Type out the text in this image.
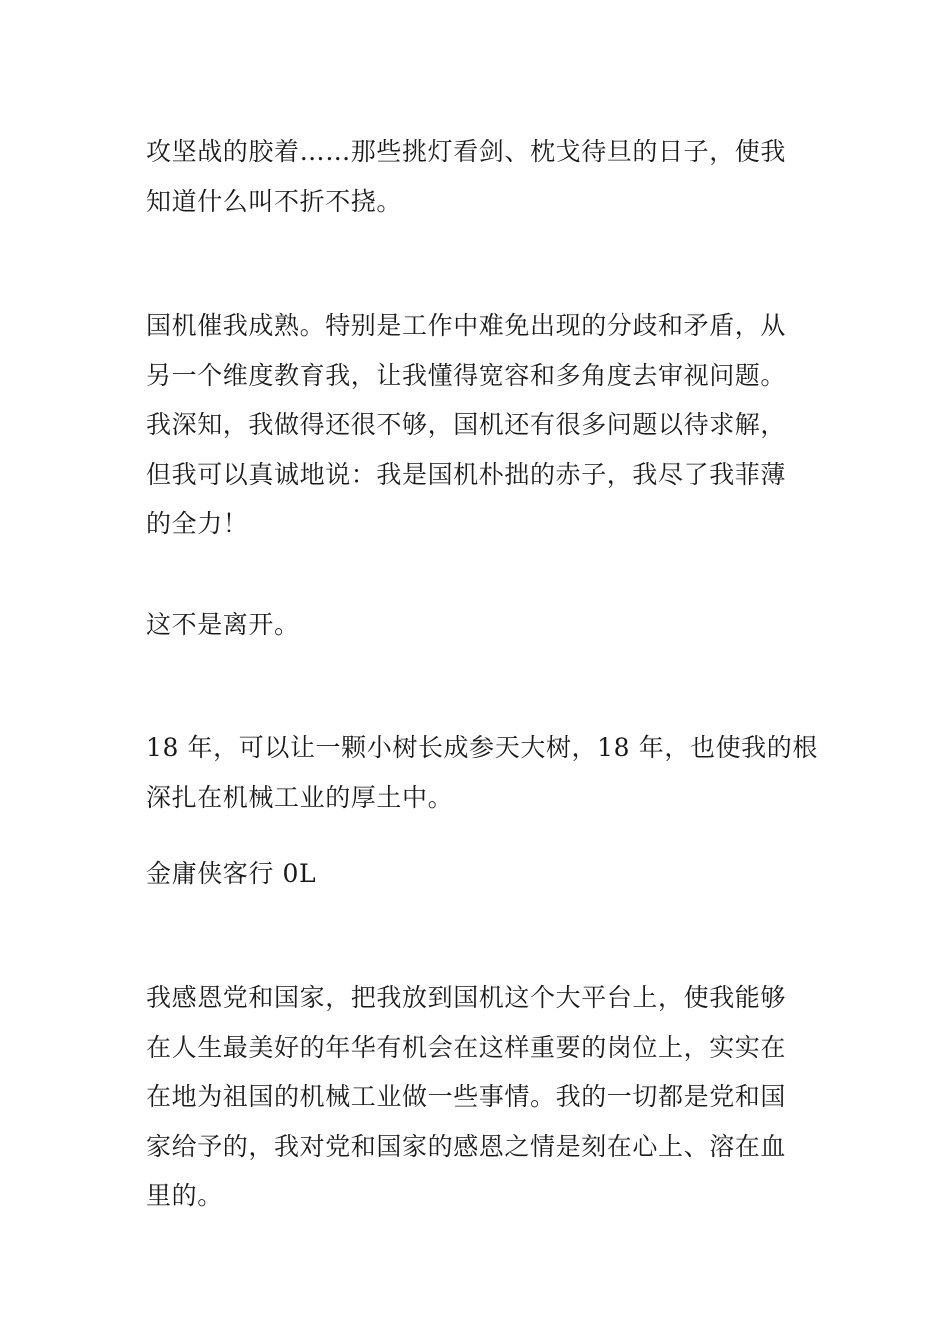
攻坚战的胶着……那些挑灯看剑、枕戈待旦的日子，使我
知道什么叫不折不挠。
国机催我成熟。特别是工作中难免出现的分歧和矛盾，从
另一个维度教育我，让我懂得宽容和多角度去审视问题。
我深知，我做得还很不够，国机还有很多问题以待求解，
但我可以真诚地说：我是国机朴拙的赤子，我尽了我菲薄
的全力！
这不是离开。
18 年，可以让一颗小树长成参天大树，18 年，也使我的根
深扎在机械工业的厚土中。
金庸侠客行 0L
我感恩党和国家，把我放到国机这个大平台上，使我能够
在人生最美好的年华有机会在这样重要的岗位上，实实在
在地为祖国的机械工业做一些事情。我的一切都是党和国
家给予的，我对党和国家的感恩之情是刻在心上、溶在血
里的。
